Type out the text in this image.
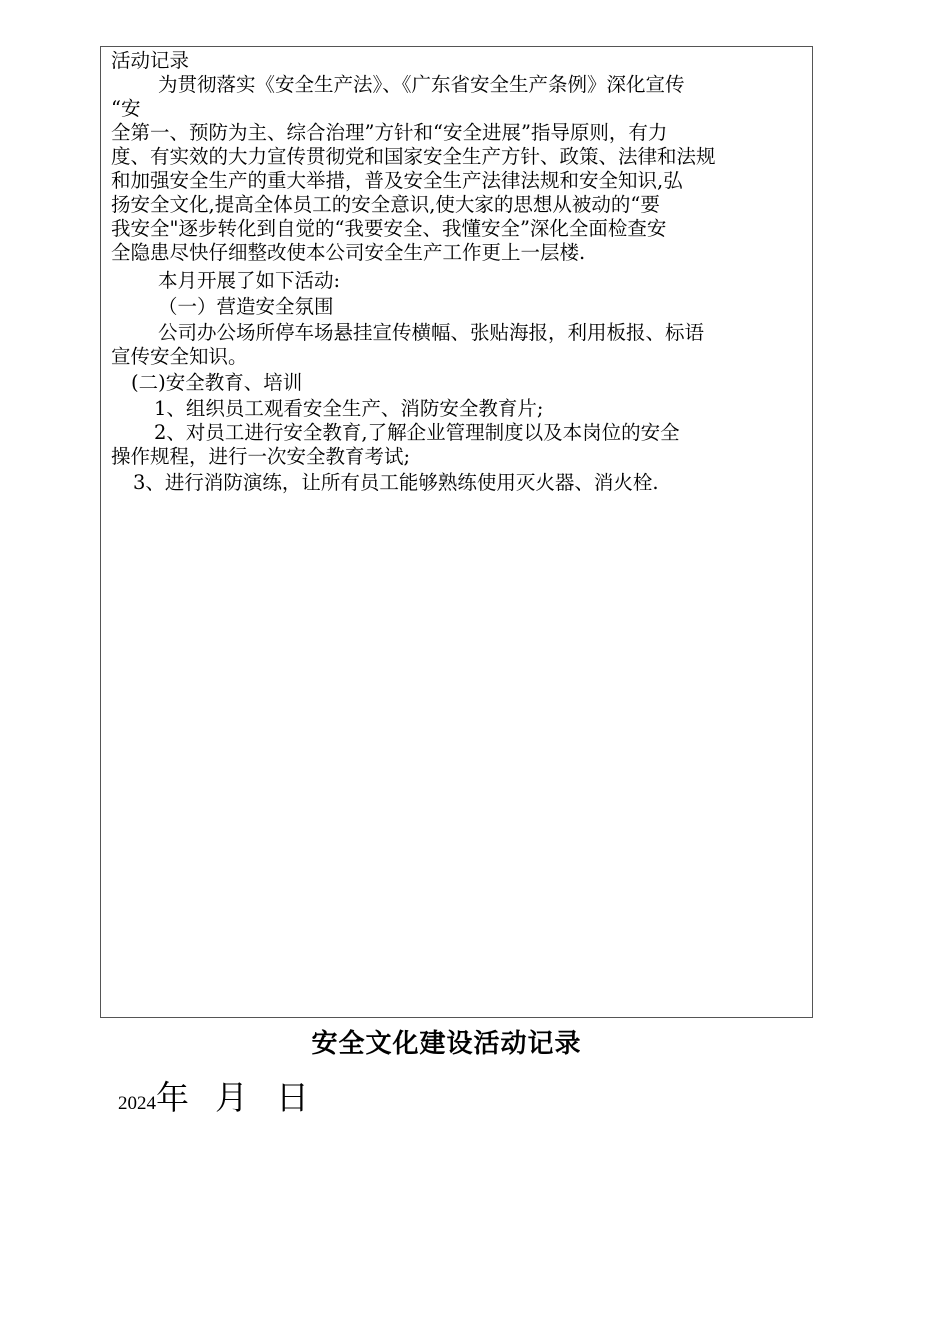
活动记录
为贯彻落实《安全生产法》、《广东省安全生产条例》深化宣传
“安
全第一、预防为主、综合治理”方针和“安全进展”指导原则，有力
度、有实效的大力宣传贯彻党和国家安全生产方针、政策、法律和法规
和加强安全生产的重大举措，普及安全生产法律法规和安全知识,弘
扬安全文化,提高全体员工的安全意识,使大家的思想从被动的“要
我安全"逐步转化到自觉的“我要安全、我懂安全”深化全面检查安
全隐患尽快仔细整改使本公司安全生产工作更上一层楼.
本月开展了如下活动:
（一）营造安全氛围
公司办公场所停车场悬挂宣传横幅、张贴海报，利用板报、标语
宣传安全知识。
(二)安全教育、培训
1、组织员工观看安全生产、消防安全教育片;
2、对员工进行安全教育,了解企业管理制度以及本岗位的安全
操作规程，进行一次安全教育考试;
3、进行消防演练，让所有员工能够熟练使用灭火器、消火栓.
安全文化建设活动记录
2024年 月 日
